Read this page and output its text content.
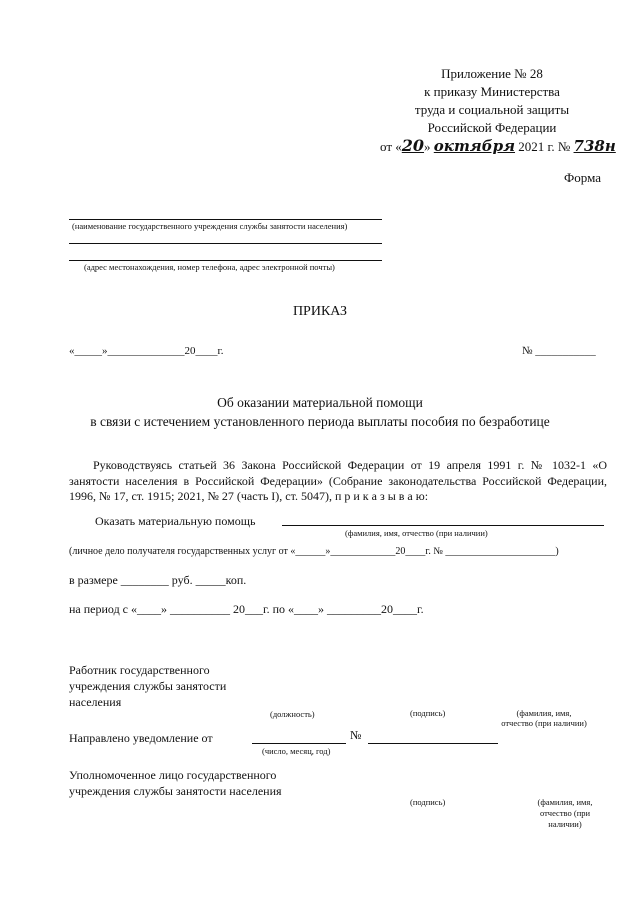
Приложение № 28
к приказу Министерства
труда и социальной защиты
Российской Федерации
от «20» октября 2021 г. № 738н
Форма
(наименование государственного учреждения службы занятости населения)
(адрес местонахождения, номер телефона, адрес электронной почты)
ПРИКАЗ
«_____»______________20____г.	№ ___________
Об оказании материальной помощи
в связи с истечением установленного периода выплаты пособия по безработице
Руководствуясь статьей 36 Закона Российской Федерации от 19 апреля 1991 г. № 1032-1 «О занятости населения в Российской Федерации» (Собрание законодательства Российской Федерации, 1996, № 17, ст. 1915; 2021, № 27 (часть I), ст. 5047), п р и к а з ы в а ю:
Оказать материальную помощь
(фамилия, имя, отчество (при наличии)
(личное дело получателя государственных услуг от «______»_____________20____г. № ______________________)
в размере ________ руб. _____коп.
на период с «____» __________ 20___г. по «____» _________20____г.
Работник государственного
учреждения службы занятости
населения
(должность)	(подпись)	(фамилия, имя,
отчество (при наличии)
Направлено уведомление от	№
(число, месяц, год)
Уполномоченное лицо государственного
учреждения службы занятости населения
(подпись)	(фамилия, имя,
отчество (при
наличии)
